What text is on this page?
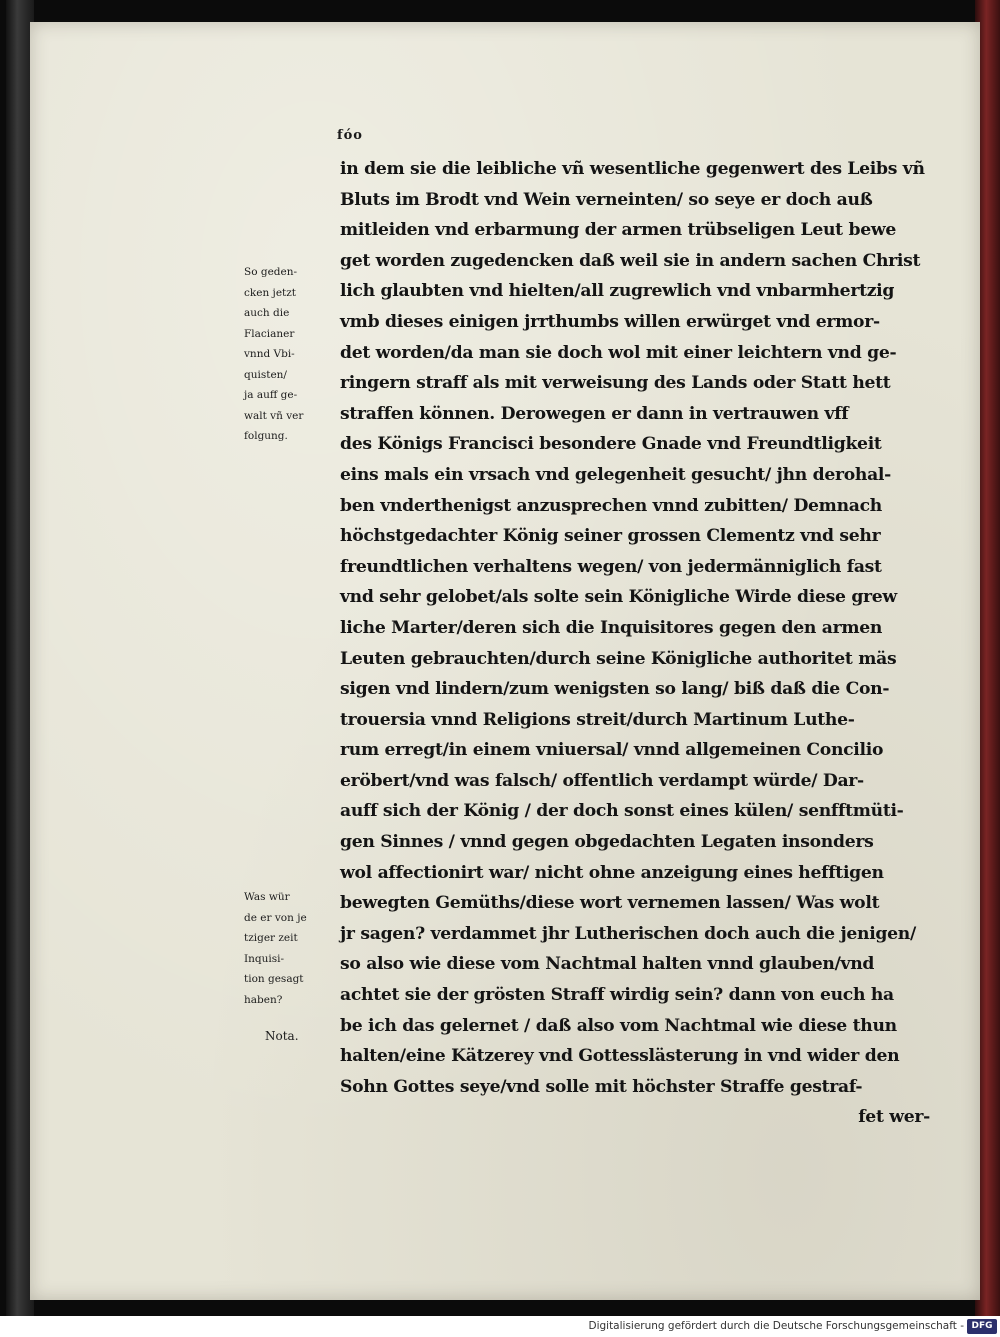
fóo
in dem sie die leibliche vñ wesentliche gegenwert des Leibs vñ
Bluts im Brodt vnd Wein verneinten/ so seye er doch auß
mitleiden vnd erbarmung der armen trübseligen Leut bewe
get worden zugedencken daß weil sie in andern sachen Christ
lich glaubten vnd hielten/all zugrewlich vnd vnbarmhertzig
vmb dieses einigen jrrthumbs willen erwürget vnd ermor-
det worden/da man sie doch wol mit einer leichtern vnd ge-
ringern straff als mit verweisung des Lands oder Statt hett
straffen können. Derowegen er dann in vertrauwen vff
des Königs Francisci besondere Gnade vnd Freundtligkeit
eins mals ein vrsach vnd gelegenheit gesucht/ jhn derohal-
ben vnderthenigst anzusprechen vnnd zubitten/ Demnach
höchstgedachter König seiner grossen Clementz vnd sehr
freundtlichen verhaltens wegen/ von jedermänniglich fast
vnd sehr gelobet/als solte sein Königliche Wirde diese grew
liche Marter/deren sich die Inquisitores gegen den armen
Leuten gebrauchten/durch seine Königliche authoritet mäs
sigen vnd lindern/zum wenigsten so lang/ biß daß die Con-
trouersia vnnd Religions streit/durch Martinum Luthe-
rum erregt/in einem vniuersal/ vnnd allgemeinen Concilio
eröbert/vnd was falsch/ offentlich verdampt würde/ Dar-
auff sich der König / der doch sonst eines külen/ senfftmüti-
gen Sinnes / vnnd gegen obgedachten Legaten insonders
wol affectionirt war/ nicht ohne anzeigung eines hefftigen
bewegten Gemüths/diese wort vernemen lassen/ Was wolt
jr sagen? verdammet jhr Lutherischen doch auch die jenigen/
so also wie diese vom Nachtmal halten vnnd glauben/vnd
achtet sie der grösten Straff wirdig sein? dann von euch ha
be ich das gelernet / daß also vom Nachtmal wie diese thun
halten/eine Kätzerey vnd Gottesslästerung in vnd wider den
Sohn Gottes seye/vnd solle mit höchster Straffe gestraf-
fet wer-
So geden-
cken jetzt
auch die
Flacianer
vnnd Vbi-
quisten/
ja auff ge-
walt vñ ver
folgung.
Was wür
de er von je
tziger zeit
Inquisi-
tion gesagt
haben?
Nota.
Digitalisierung gefördert durch die Deutsche Forschungsgemeinschaft - DFG
